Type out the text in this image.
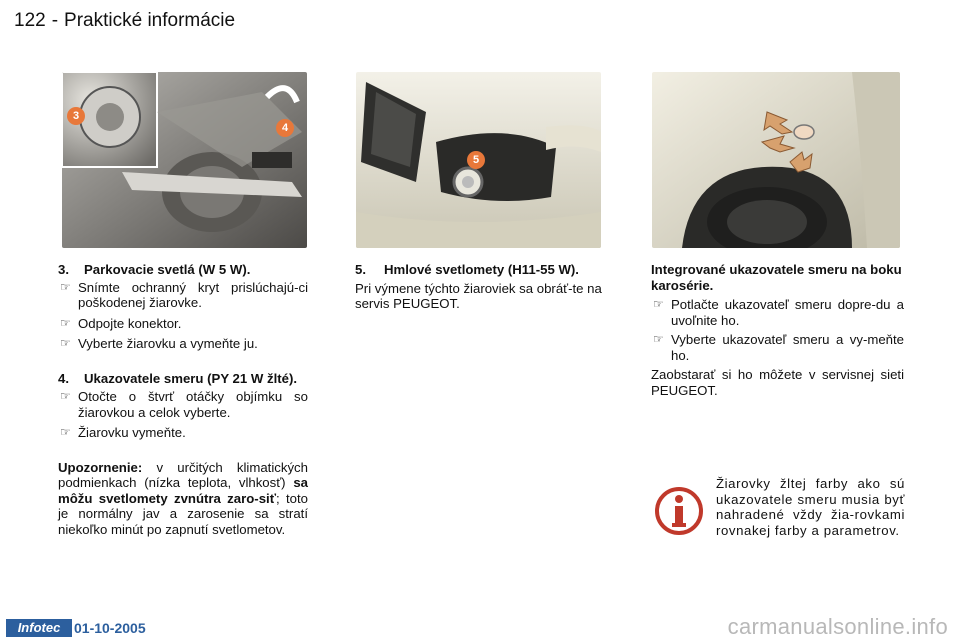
122 - Praktické informácie
3
4
5

3. Parkovacie svetlá (W 5 W).

☞ Snímte ochranný kryt prislúchajú-ci poškodenej žiarovke.

☞ Odpojte konektor.

☞ Vyberte žiarovku a vymeňte ju.

4. Ukazovatele smeru (PY 21 W žlté).

☞ Otočte o štvrť otáčky objímku so žiarovkou a celok vyberte.

☞ Žiarovku vymeňte.

Upozornenie: v určitých klimatických podmienkach (nízka teplota, vlhkosť) sa môžu svetlomety zvnútra zaro-siť; toto je normálny jav a zarosenie sa stratí niekoľko minút po zapnutí svetlometov.

5. Hmlové svetlomety (H11-55 W).

Pri výmene týchto žiaroviek sa obráť-te na servis PEUGEOT.

Integrované ukazovatele smeru na boku karosérie.

☞ Potlačte ukazovateľ smeru dopre-du a uvoľnite ho.

☞ Vyberte ukazovateľ smeru a vy-meňte ho.

Zaobstarať si ho môžete v servisnej sieti PEUGEOT.

Žiarovky žltej farby ako sú ukazovatele smeru musia byť nahradené vždy žia-rovkami rovnakej farby a parametrov.
Infotec 01-10-2005	carmanualsonline.info
